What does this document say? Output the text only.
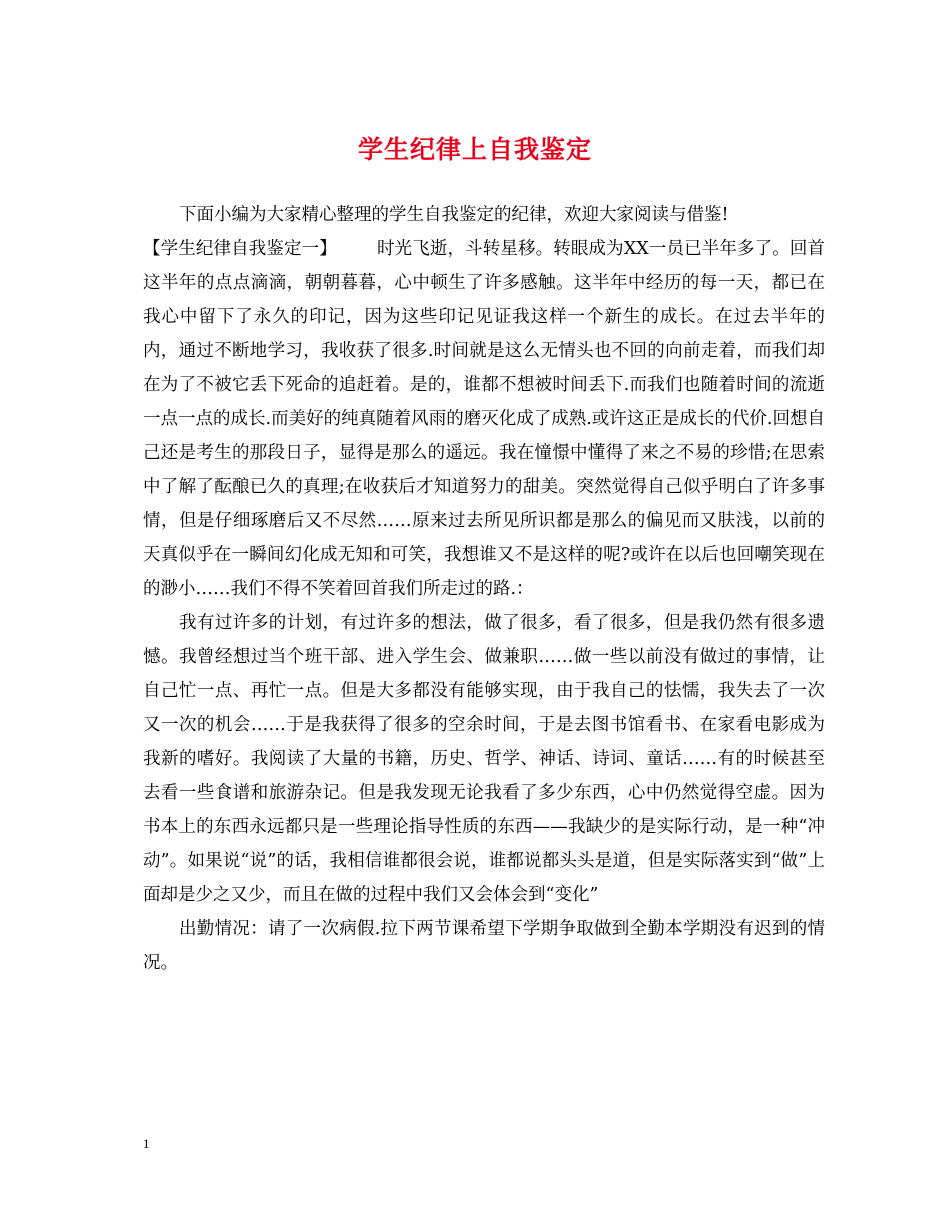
学生纪律上自我鉴定

下面小编为大家精心整理的学生自我鉴定的纪律，欢迎大家阅读与借鉴!

【学生纪律自我鉴定一】 时光飞逝，斗转星移。转眼成为XX一员已半年多了。回首这半年的点点滴滴，朝朝暮暮，心中顿生了许多感触。这半年中经历的每一天，都已在我心中留下了永久的印记，因为这些印记见证我这样一个新生的成长。在过去半年的内，通过不断地学习，我收获了很多.时间就是这么无情头也不回的向前走着，而我们却在为了不被它丢下死命的追赶着。是的，谁都不想被时间丢下.而我们也随着时间的流逝一点一点的成长.而美好的纯真随着风雨的磨灭化成了成熟.或许这正是成长的代价.回想自己还是考生的那段日子，显得是那么的遥远。我在憧憬中懂得了来之不易的珍惜;在思索中了解了酝酿已久的真理;在收获后才知道努力的甜美。突然觉得自己似乎明白了许多事情，但是仔细琢磨后又不尽然……原来过去所见所识都是那么的偏见而又肤浅，以前的天真似乎在一瞬间幻化成无知和可笑，我想谁又不是这样的呢?或许在以后也回嘲笑现在的渺小……我们不得不笑着回首我们所走过的路.：

我有过许多的计划，有过许多的想法，做了很多，看了很多，但是我仍然有很多遗憾。我曾经想过当个班干部、进入学生会、做兼职……做一些以前没有做过的事情，让自己忙一点、再忙一点。但是大多都没有能够实现，由于我自己的怯懦，我失去了一次又一次的机会……于是我获得了很多的空余时间，于是去图书馆看书、在家看电影成为我新的嗜好。我阅读了大量的书籍，历史、哲学、神话、诗词、童话……有的时候甚至去看一些食谱和旅游杂记。但是我发现无论我看了多少东西，心中仍然觉得空虚。因为书本上的东西永远都只是一些理论指导性质的东西——我缺少的是实际行动，是一种“冲动”。如果说“说”的话，我相信谁都很会说，谁都说都头头是道，但是实际落实到“做”上面却是少之又少，而且在做的过程中我们又会体会到“变化”

出勤情况：请了一次病假.拉下两节课希望下学期争取做到全勤本学期没有迟到的情况。

1
